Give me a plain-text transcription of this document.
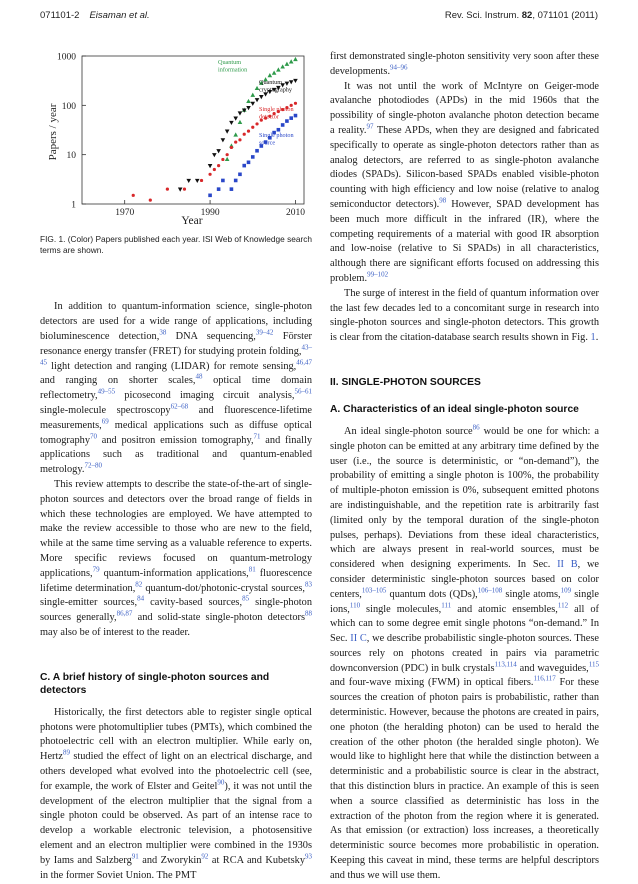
071101-2 Eisaman et al.	Rev. Sci. Instrum. 82, 071101 (2011)
1
10
100
1000
1970	1990	2010
Quantum
information
Quantum
cryptography
Single photon
detector
Single photon
source
Year
Papers / year
FIG. 1. (Color) Papers published each year. ISI Web of Knowledge search terms are shown.

In addition to quantum-information science, single-photon detectors are used for a wide range of applications, including bioluminescence detection,$^{38}$ DNA sequencing,$^{39-42}$ Förster resonance energy transfer (FRET) for studying protein folding,$^{43-45}$ light detection and ranging (LIDAR) for remote sensing,$^{46,47}$ and ranging on shorter scales,$^{48}$ optical time domain reflectometry,$^{49-55}$ picosecond imaging circuit analysis,$^{56-61}$ single-molecule spectroscopy$^{62-68}$ and fluorescence-lifetime measurements,$^{69}$ medical applications such as diffuse optical tomography$^{70}$ and positron emission tomography,$^{71}$ and finally applications such as traditional and quantum-enabled metrology.$^{72-80}$

This review attempts to describe the state-of-the-art of single-photon sources and detectors over the broad range of fields in which these technologies are employed. We have attempted to make the review accessible to those who are new to the field, while at the same time serving as a valuable reference to experts. More specific reviews focused on quantum-metrology applications,$^{79}$ quantum-information applications,$^{81}$ fluorescence lifetime determination,$^{82}$ quantum-dot/photonic-crystal sources,$^{83}$ single-emitter sources,$^{84}$ cavity-based sources,$^{85}$ single-photon sources generally,$^{86,87}$ and solid-state single-photon detectors$^{88}$ may also be of interest to the reader.

C. A brief history of single-photon sources and detectors

Historically, the first detectors able to register single optical photons were photomultiplier tubes (PMTs), which combined the photoelectric cell with an electron multiplier. While early on, Hertz$^{89}$ studied the effect of light on an electrical discharge, and others developed what evolved into the photoelectric cell (see, for example, the work of Elster and Geitel$^{90}$), it was not until the development of the electron multiplier that the signal from a single photon could be observed. As part of an intense race to develop a workable electronic television, a photosensitive element and an electron multiplier were combined in the 1930s by Iams and Salzberg$^{91}$ and Zworykin$^{92}$ at RCA and Kubetsky$^{93}$ in the former Soviet Union. The PMT

first demonstrated single-photon sensitivity very soon after these developments.$^{94-96}$

It was not until the work of McIntyre on Geiger-mode avalanche photodiodes (APDs) in the mid 1960s that the possibility of single-photon avalanche photon detection became a reality.$^{97}$ These APDs, when they are designed and fabricated specifically to operate as single-photon detectors rather than as analog detectors, are referred to as single-photon avalanche diodes (SPADs). Silicon-based SPADs enabled visible-photon counting with high efficiency and low noise (relative to analog semiconductor detectors).$^{98}$ However, SPAD development has been much more difficult in the infrared (IR), where the competing requirements of a material with good IR absorption and low-noise (relative to Si SPADs) in all characteristics, although there are significant efforts focused on addressing this problem.$^{99-102}$

The surge of interest in the field of quantum information over the last few decades led to a concomitant surge in research into single-photon sources and single-photon detectors. This growth is clear from the citation-database search results shown in Fig. 1.

II. SINGLE-PHOTON SOURCES
A. Characteristics of an ideal single-photon source

An ideal single-photon source$^{86}$ would be one for which: a single photon can be emitted at any arbitrary time defined by the user (i.e., the source is deterministic, or “on-demand”), the probability of emitting a single photon is 100%, the probability of multiple-photon emission is 0%, subsequent emitted photons are indistinguishable, and the repetition rate is arbitrarily fast (limited only by the temporal duration of the single-photon pulses, perhaps). Deviations from these ideal characteristics, which are always present in real-world sources, must be considered when designing experiments. In Sec. II B, we consider deterministic single-photon sources based on color centers,$^{103-105}$ quantum dots (QDs),$^{106-108}$ single atoms,$^{109}$ single ions,$^{110}$ single molecules,$^{111}$ and atomic ensembles,$^{112}$ all of which can to some degree emit single photons “on-demand.” In Sec. II C, we describe probabilistic single-photon sources. These sources rely on photons created in pairs via parametric downconversion (PDC) in bulk crystals$^{113,114}$ and waveguides,$^{115}$ and four-wave mixing (FWM) in optical fibers.$^{116,117}$ For these sources the creation of photon pairs is probabilistic, rather than deterministic. However, because the photons are created in pairs, one photon (the heralding photon) can be used to herald the creation of the other photon (the heralded single photon). We would like to highlight here that while the distinction between a deterministic and a probabilistic source is clear in the abstract, that this distinction blurs in practice. An example of this is seen when a source classified as deterministic has loss in the extraction of the photon from the region where it is generated. As that emission (or extraction) loss increases, a theoretically deterministic source becomes more probabilistic in operation. Keeping this caveat in mind, these terms are helpful descriptors and thus we will use them.
